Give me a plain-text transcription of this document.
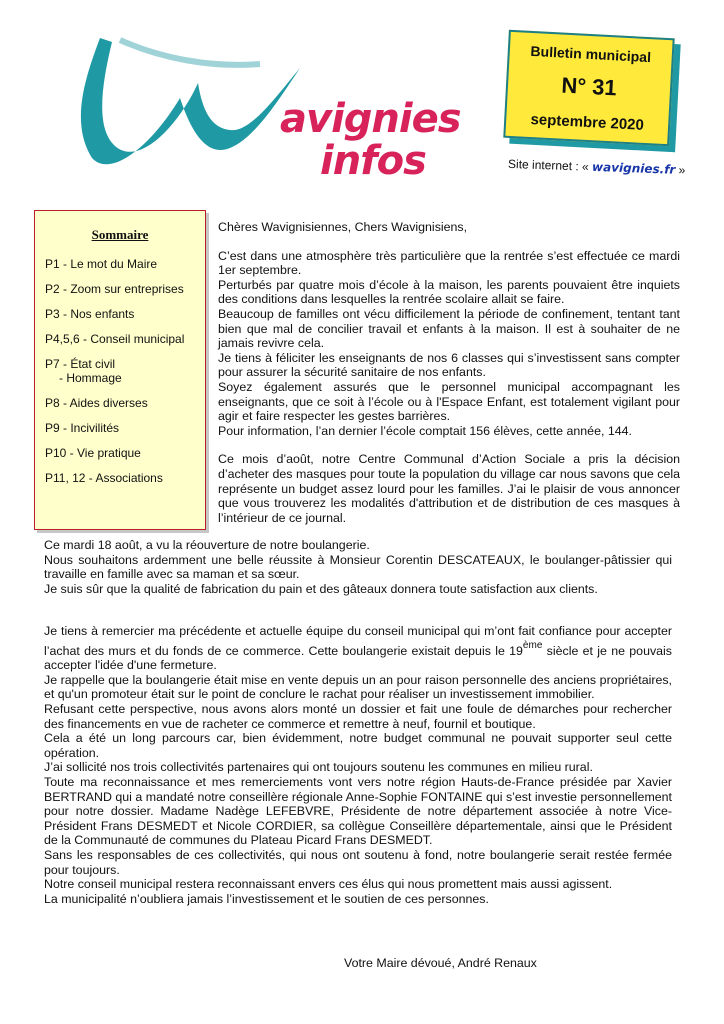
avignies
infos
Bulletin municipal
N° 31
septembre 2020
Site internet : « wavignies.fr »
Sommaire
P1 - Le mot du Maire
P2 - Zoom sur entreprises
P3 - Nos enfants
P4,5,6 - Conseil municipal
P7 - État civil
- Hommage
P8 - Aides diverses
P9 - Incivilités
P10 - Vie pratique
P11, 12 - Associations

Chères Wavignisiennes, Chers Wavignisiens,

C’est dans une atmosphère très particulière que la rentrée s’est effectuée ce mardi 1er septembre.

Perturbés par quatre mois d’école à la maison, les parents pouvaient être inquiets des conditions dans lesquelles la rentrée scolaire allait se faire.

Beaucoup de familles ont vécu difficilement la période de confinement, tentant tant bien que mal de concilier travail et enfants à la maison. Il est à souhaiter de ne jamais revivre cela.

Je tiens à féliciter les enseignants de nos 6 classes qui s’investissent sans compter pour assurer la sécurité sanitaire de nos enfants.

Soyez également assurés que le personnel municipal accompagnant les enseignants, que ce soit à l’école ou à l'Espace Enfant, est totalement vigilant pour agir et faire respecter les gestes barrières.

Pour information, l’an dernier l’école comptait 156 élèves, cette année, 144.

Ce mois d’août, notre Centre Communal d’Action Sociale a pris la décision d’acheter des masques pour toute la population du village car nous savons que cela représente un budget assez lourd pour les familles. J’ai le plaisir de vous annoncer que vous trouverez les modalités d'attribution et de distribution de ces masques à l’intérieur de ce journal.

Ce mardi 18 août, a vu la réouverture de notre boulangerie.

Nous souhaitons ardemment une belle réussite à Monsieur Corentin DESCATEAUX, le boulanger-pâtissier qui travaille en famille avec sa maman et sa sœur.

Je suis sûr que la qualité de fabrication du pain et des gâteaux donnera toute satisfaction aux clients.

Je tiens à remercier ma précédente et actuelle équipe du conseil municipal qui m’ont fait confiance pour accepter l’achat des murs et du fonds de ce commerce. Cette boulangerie existait depuis le 19ème siècle et je ne pouvais accepter l'idée d'une fermeture.

Je rappelle que la boulangerie était mise en vente depuis un an pour raison personnelle des anciens propriétaires, et qu'un promoteur était sur le point de conclure le rachat pour réaliser un investissement immobilier.

Refusant cette perspective, nous avons alors monté un dossier et fait une foule de démarches pour rechercher des financements en vue de racheter ce commerce et remettre à neuf, fournil et boutique.

Cela a été un long parcours car, bien évidemment, notre budget communal ne pouvait supporter seul cette opération.

J’ai sollicité nos trois collectivités partenaires qui ont toujours soutenu les communes en milieu rural.

Toute ma reconnaissance et mes remerciements vont vers notre région Hauts-de-France présidée par Xavier BERTRAND qui a mandaté notre conseillère régionale Anne-Sophie FONTAINE qui s’est investie personnellement pour notre dossier. Madame Nadège LEFEBVRE, Présidente de notre département associée à notre Vice-Président Frans DESMEDT et Nicole CORDIER, sa collègue Conseillère départementale, ainsi que le Président de la Communauté de communes du Plateau Picard Frans DESMEDT.

Sans les responsables de ces collectivités, qui nous ont soutenu à fond, notre boulangerie serait restée fermée pour toujours.

Notre conseil municipal restera reconnaissant envers ces élus qui nous promettent mais aussi agissent.

La municipalité n’oubliera jamais l’investissement et le soutien de ces personnes.

Votre Maire dévoué, André Renaux
